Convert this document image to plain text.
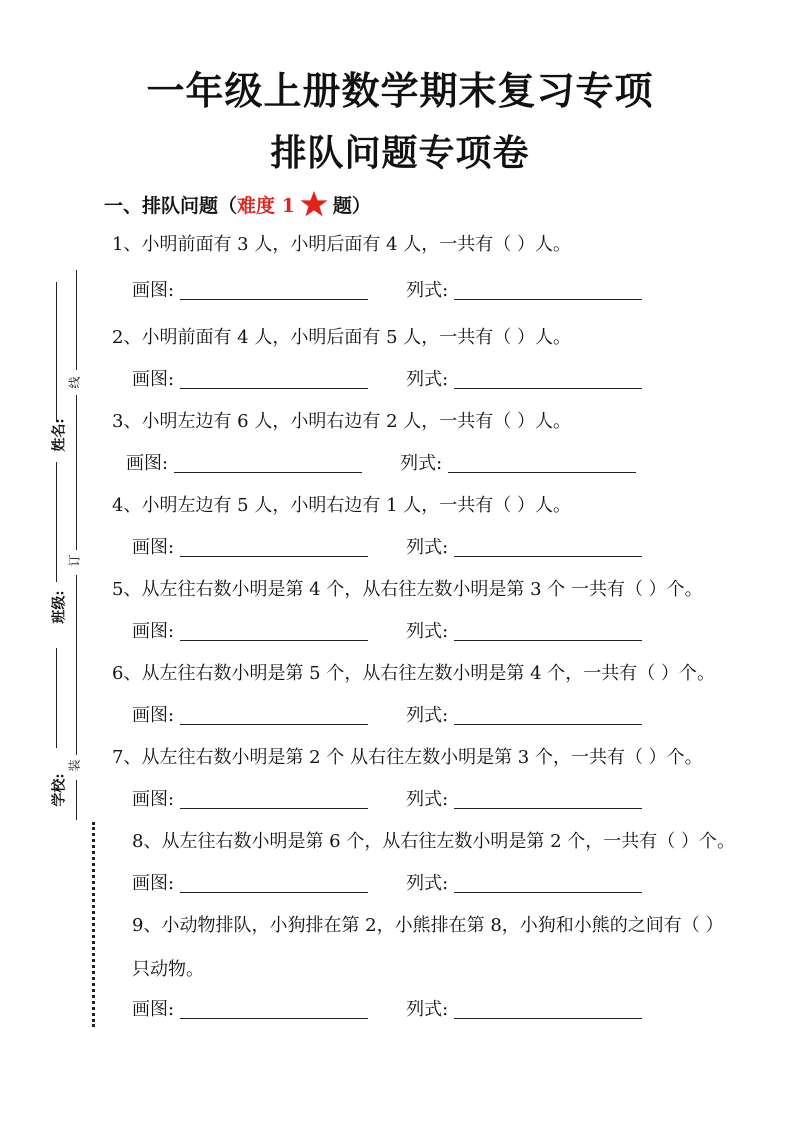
一年级上册数学期末复习专项
排队问题专项卷
一、排队问题（难度 1 题）
姓名:
班级:
学校:
线
订
装
1、小明前面有 3 人，小明后面有 4 人，一共有（ ）人。
画图:	列式:
2、小明前面有 4 人，小明后面有 5 人，一共有（ ）人。
画图:	列式:
3、小明左边有 6 人，小明右边有 2 人，一共有（ ）人。
画图:	列式:
4、小明左边有 5 人，小明右边有 1 人，一共有（ ）人。
画图:	列式:
5、从左往右数小明是第 4 个，从右往左数小明是第 3 个 一共有（ ）个。
画图:	列式:
6、从左往右数小明是第 5 个，从右往左数小明是第 4 个，一共有（ ）个。
画图:	列式:
7、从左往右数小明是第 2 个 从右往左数小明是第 3 个，一共有（ ）个。
画图:	列式:
8、从左往右数小明是第 6 个，从右往左数小明是第 2 个，一共有（ ）个。
画图:	列式:
9、小动物排队，小狗排在第 2，小熊排在第 8，小狗和小熊的之间有（ ）
只动物。
画图:	列式:
